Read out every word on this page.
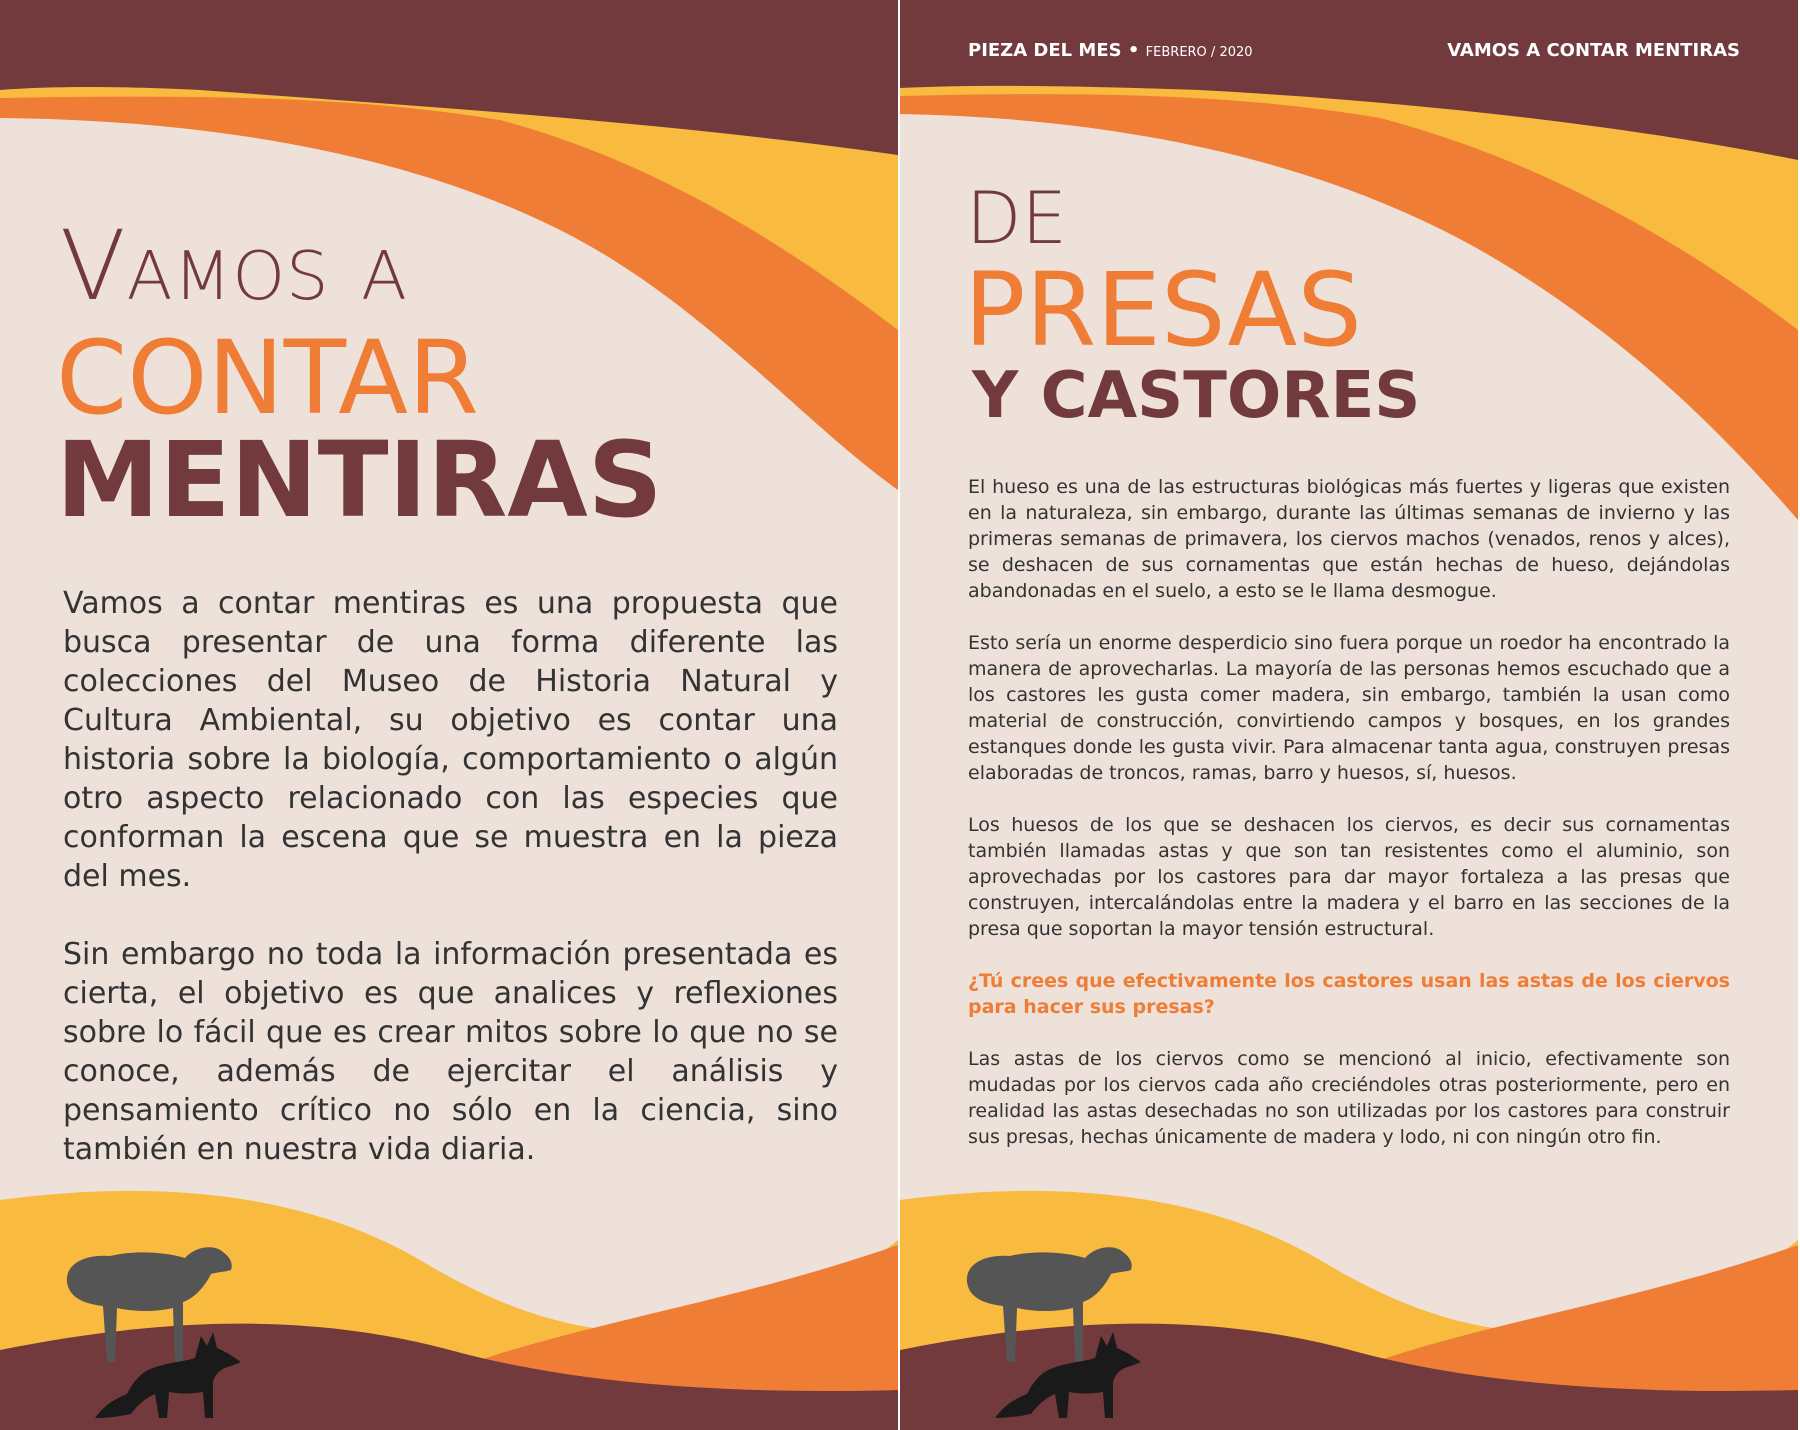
Vamos a
CONTAR
MENTIRAS

Vamos a contar mentiras es una propuesta que busca presentar de una forma diferente las colecciones del Museo de Historia Natural y Cultura Ambiental, su objetivo es contar una historia sobre la biología, comportamiento o algún otro aspecto relacionado con las especies que conforman la escena que se muestra en la pieza del mes.

Sin embargo no toda la información presentada es cierta, el objetivo es que analices y reflexiones sobre lo fácil que es crear mitos sobre lo que no se conoce, además de ejercitar el análisis y pensamiento crítico no sólo en la ciencia, sino también en nuestra vida diaria.

PIEZA DEL MES • FEBRERO / 2020	VAMOS A CONTAR MENTIRAS
DE
PRESAS
Y CASTORES

El hueso es una de las estructuras biológicas más fuertes y ligeras que existen en la naturaleza, sin embargo, durante las últimas semanas de invierno y las primeras semanas de primavera, los ciervos machos (venados, renos y alces), se deshacen de sus cornamentas que están hechas de hueso, dejándolas abandonadas en el suelo, a esto se le llama desmogue.

Esto sería un enorme desperdicio sino fuera porque un roedor ha encontrado la manera de aprovecharlas. La mayoría de las personas hemos escuchado que a los castores les gusta comer madera, sin embargo, también la usan como material de construcción, convirtiendo campos y bosques, en los grandes estanques donde les gusta vivir. Para almacenar tanta agua, construyen presas elaboradas de troncos, ramas, barro y huesos, sí, huesos.

Los huesos de los que se deshacen los ciervos, es decir sus cornamentas también llamadas astas y que son tan resistentes como el aluminio, son aprovechadas por los castores para dar mayor fortaleza a las presas que construyen, intercalándolas entre la madera y el barro en las secciones de la presa que soportan la mayor tensión estructural.

¿Tú crees que efectivamente los castores usan las astas de los ciervos para hacer sus presas?

Las astas de los ciervos como se mencionó al inicio, efectivamente son mudadas por los ciervos cada año creciéndoles otras posteriormente, pero en realidad las astas desechadas no son utilizadas por los castores para construir sus presas, hechas únicamente de madera y lodo, ni con ningún otro fin.
